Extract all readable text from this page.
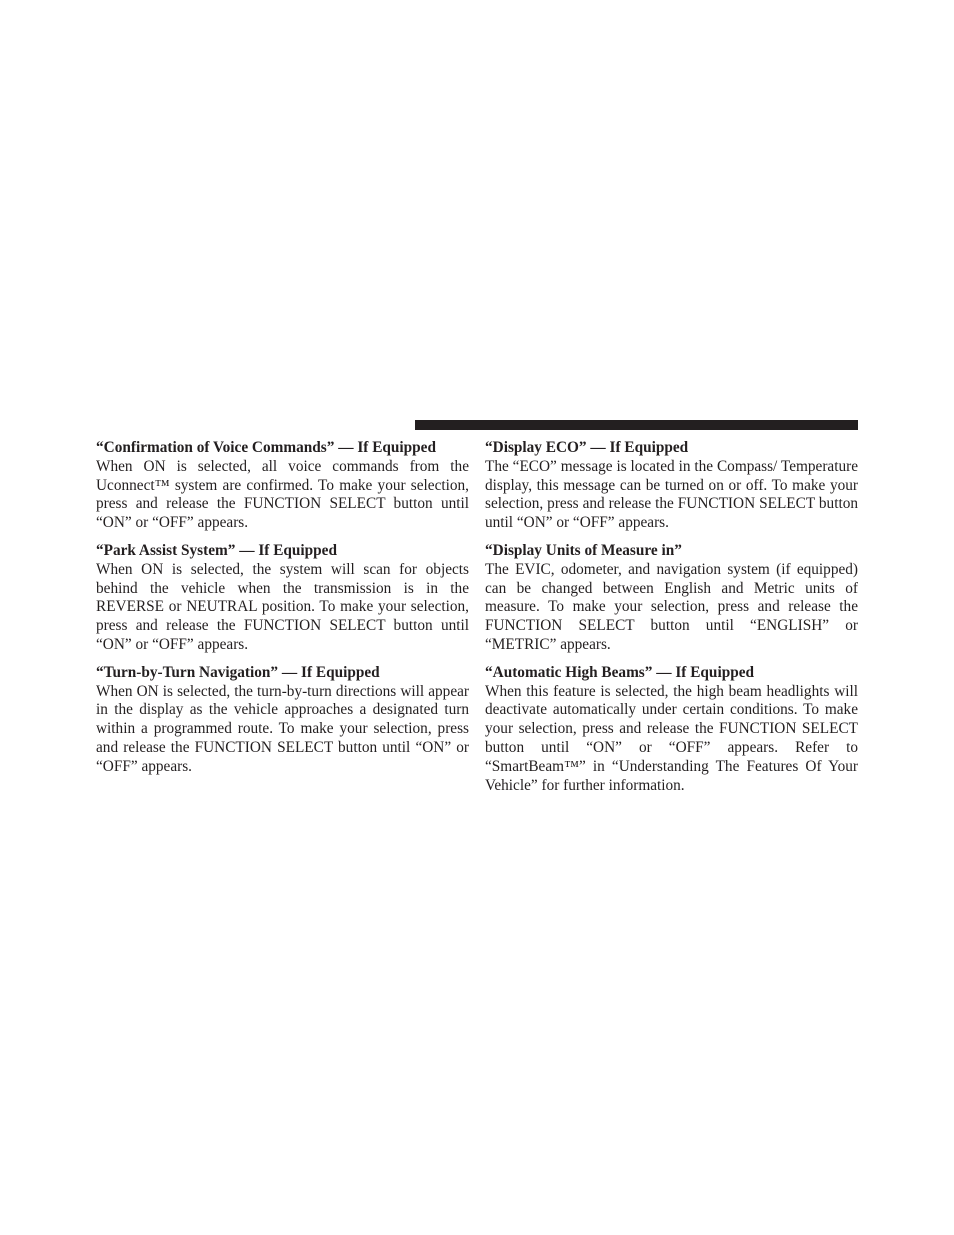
“Confirmation of Voice Commands” — If Equipped

When ON is selected, all voice commands from the Uconnect™ system are confirmed. To make your selection, press and release the FUNCTION SELECT button until “ON” or “OFF” appears.

“Park Assist System” — If Equipped

When ON is selected, the system will scan for objects behind the vehicle when the transmission is in the REVERSE or NEUTRAL position. To make your selection, press and release the FUNCTION SELECT button until “ON” or “OFF” appears.

“Turn-by-Turn Navigation” — If Equipped

When ON is selected, the turn-by-turn directions will appear in the display as the vehicle approaches a designated turn within a programmed route. To make your selection, press and release the FUNCTION SELECT button until “ON” or “OFF” appears.

“Display ECO” — If Equipped

The “ECO” message is located in the Compass/ Temperature display, this message can be turned on or off. To make your selection, press and release the FUNCTION SELECT button until “ON” or “OFF” appears.

“Display Units of Measure in”

The EVIC, odometer, and navigation system (if equipped) can be changed between English and Metric units of measure. To make your selection, press and release the FUNCTION SELECT button until “ENGLISH” or “METRIC” appears.

“Automatic High Beams” — If Equipped

When this feature is selected, the high beam headlights will deactivate automatically under certain conditions. To make your selection, press and release the FUNCTION SELECT button until “ON” or “OFF” appears. Refer to “SmartBeam™” in “Understanding The Features Of Your Vehicle” for further information.
